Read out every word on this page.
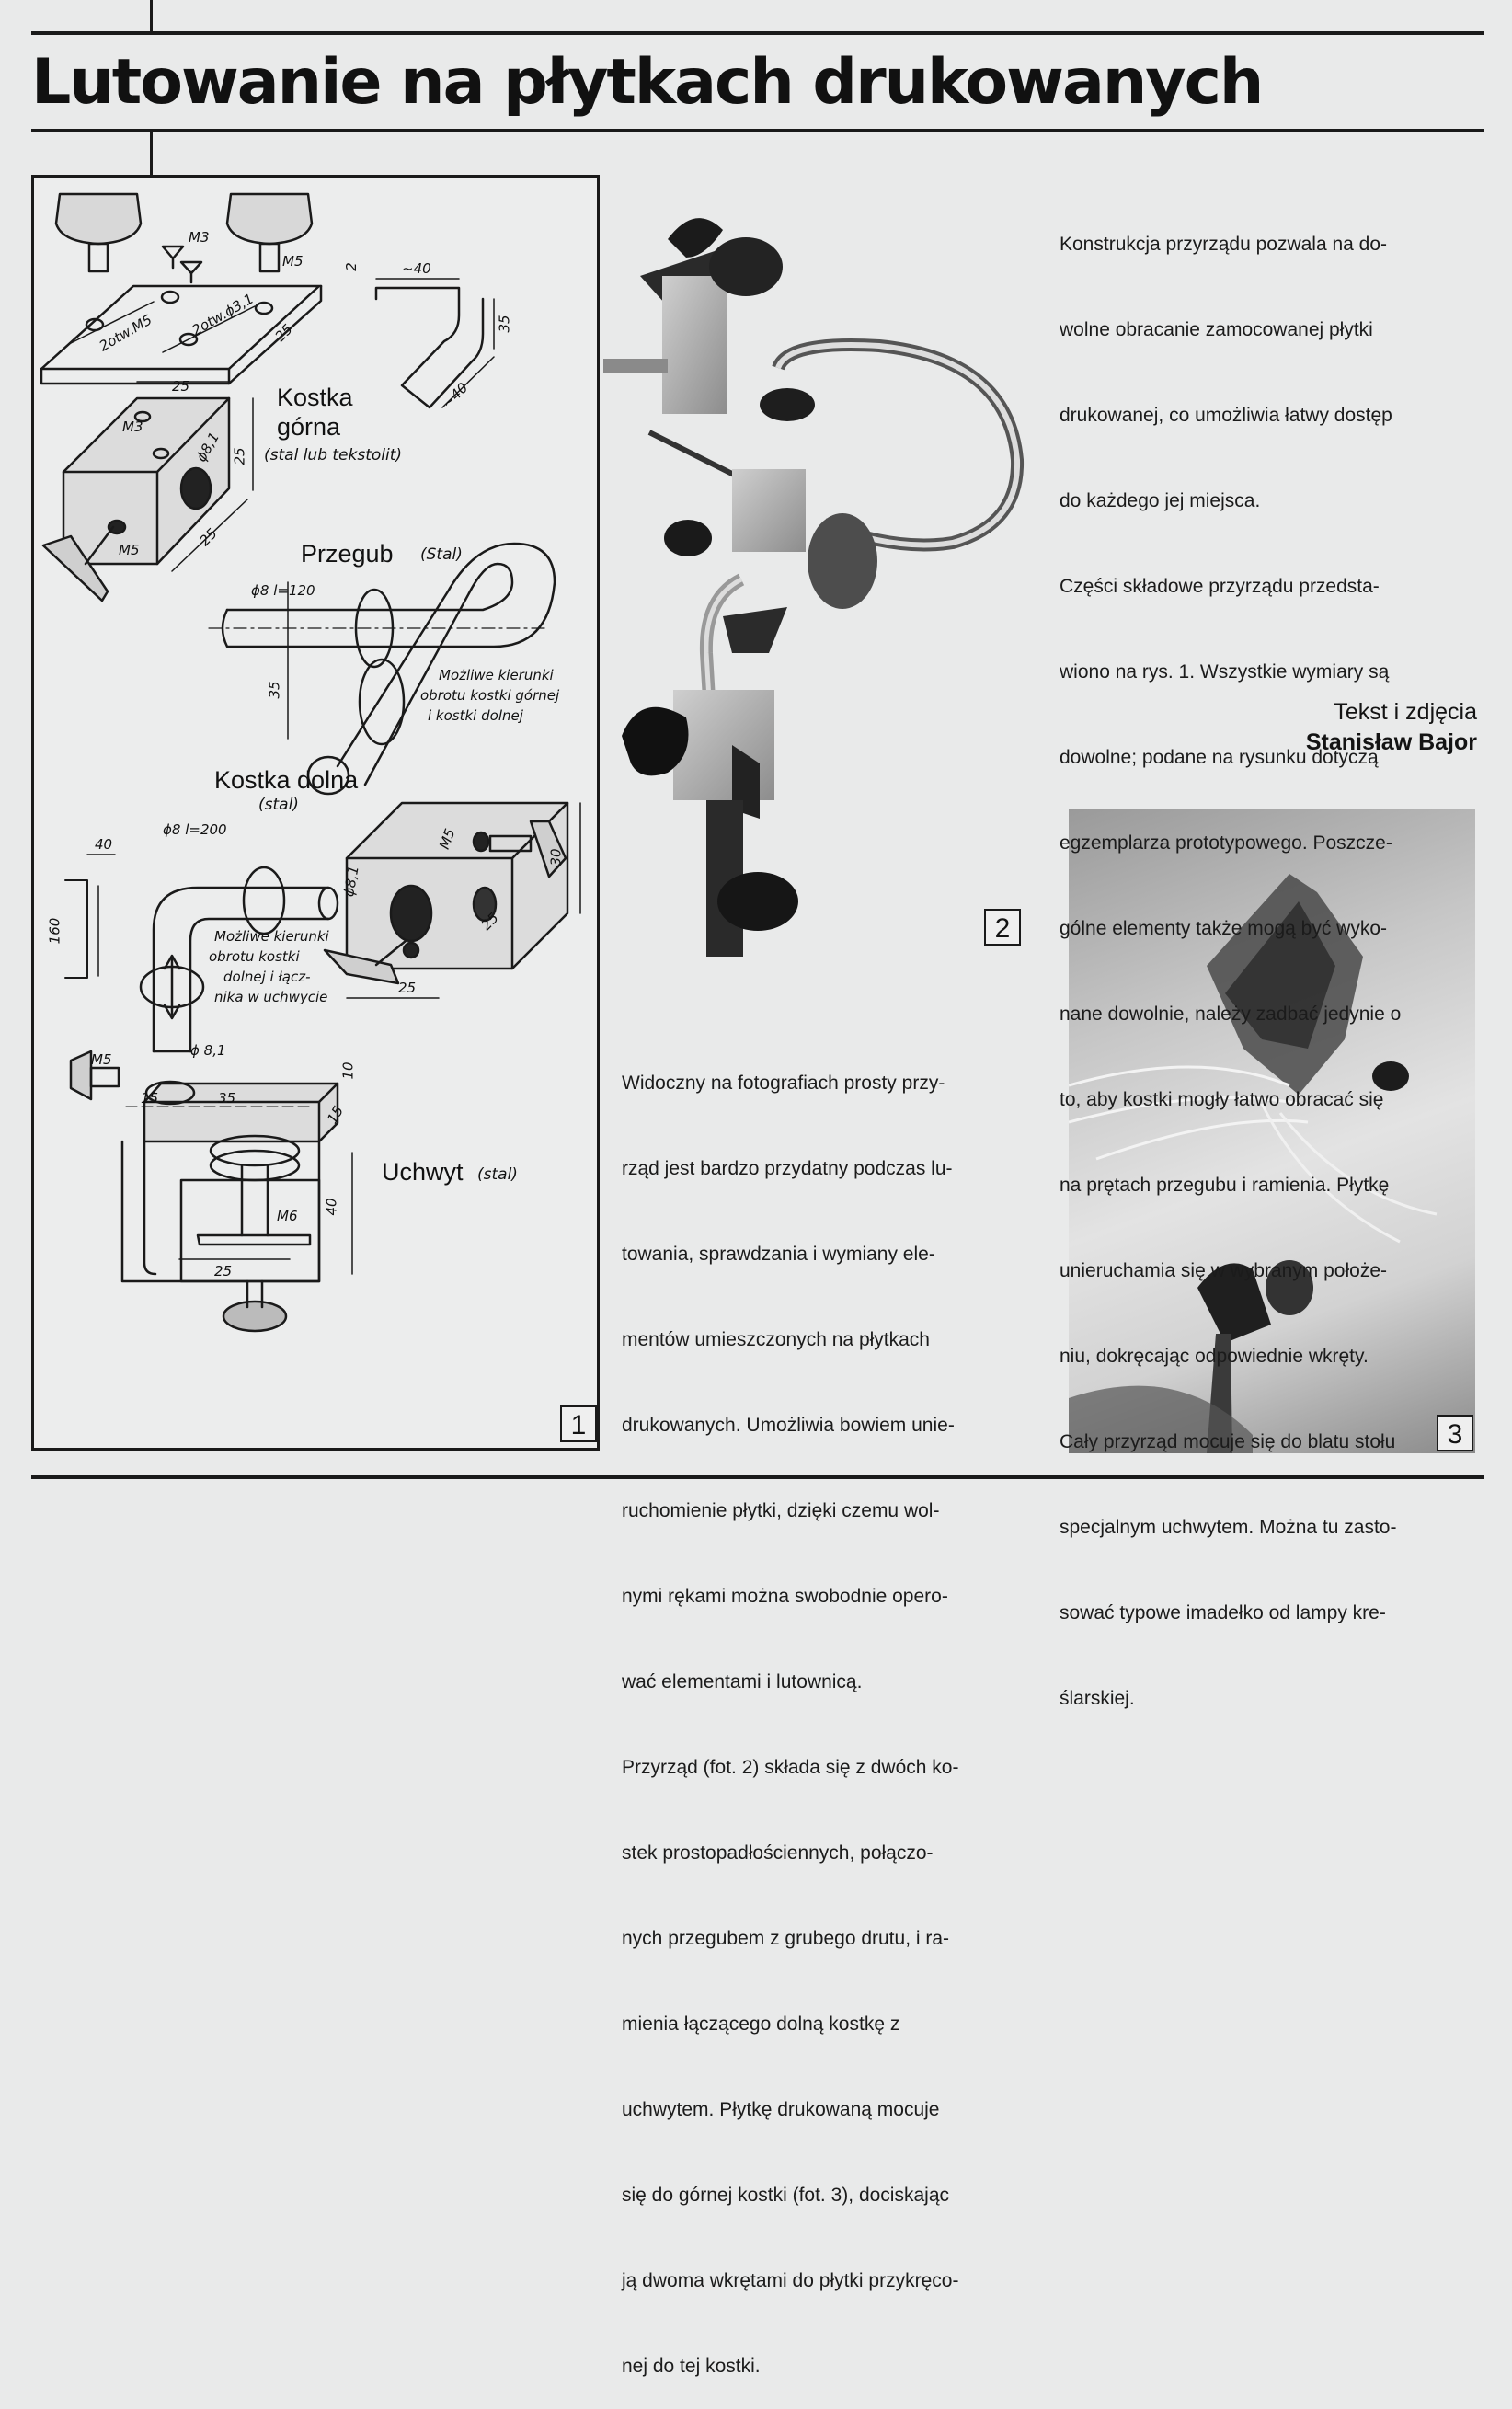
Lutowanie na płytkach drukowanych
M3
M5
2otw.M5 2otw.ϕ3,1
2	~40
35
~40
25
Kostka
górna
(stal lub tekstolit)
25
M3
ϕ8,1 25
25
M5	Przegub (Stal)
ϕ8 l=120
35
Możliwe kierunki
obrotu kostki górnej
i kostki dolnej
Kostka dolna
(stal)
ϕ8 l=200
40
160
ϕ8,1
M5
30
25
25
Możliwe kierunki
obrotu kostki
dolnej i łącz-
nika w uchwycie
ϕ 8,1
M5
15	35
10
15
M6
40
25
Uchwyt (stal)
1
2
3

Konstrukcja przyrządu pozwala na do-

wolne obracanie zamocowanej płytki

drukowanej, co umożliwia łatwy dostęp

do każdego jej miejsca.

Części składowe przyrządu przedsta-

wiono na rys. 1. Wszystkie wymiary są

dowolne; podane na rysunku dotyczą

egzemplarza prototypowego. Poszcze-

gólne elementy także mogą być wyko-

nane dowolnie, należy zadbać jedynie o

to, aby kostki mogły łatwo obracać się

na prętach przegubu i ramienia. Płytkę

unieruchamia się w wybranym położe-

niu, dokręcając odpowiednie wkręty.

Cały przyrząd mocuje się do blatu stołu

specjalnym uchwytem. Można tu zasto-

sować typowe imadełko od lampy kre-

ślarskiej.

Tekst i zdjęcia
Stanisław Bajor

Widoczny na fotografiach prosty przy-

rząd jest bardzo przydatny podczas lu-

towania, sprawdzania i wymiany ele-

mentów umieszczonych na płytkach

drukowanych. Umożliwia bowiem unie-

ruchomienie płytki, dzięki czemu wol-

nymi rękami można swobodnie opero-

wać elementami i lutownicą.

Przyrząd (fot. 2) składa się z dwóch ko-

stek prostopadłościennych, połączo-

nych przegubem z grubego drutu, i ra-

mienia łączącego dolną kostkę z

uchwytem. Płytkę drukowaną mocuje

się do górnej kostki (fot. 3), dociskając

ją dwoma wkrętami do płytki przykręco-

nej do tej kostki.
